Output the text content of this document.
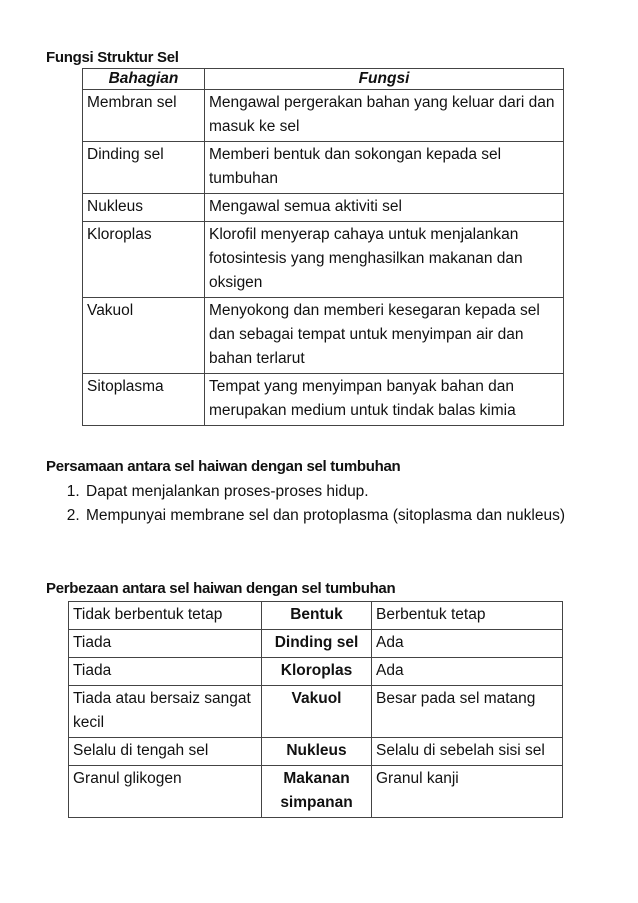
Fungsi Struktur Sel
Bahagian	Fungsi
Membran sel	Mengawal pergerakan bahan yang keluar dari dan masuk ke sel
Dinding sel	Memberi bentuk dan sokongan kepada sel tumbuhan
Nukleus	Mengawal semua aktiviti sel
Kloroplas	Klorofil menyerap cahaya untuk menjalankan fotosintesis yang menghasilkan makanan dan oksigen
Vakuol	Menyokong dan memberi kesegaran kepada sel dan sebagai tempat untuk menyimpan air dan bahan terlarut
Sitoplasma	Tempat yang menyimpan banyak bahan dan merupakan medium untuk tindak balas kimia
Persamaan antara sel haiwan dengan sel tumbuhan
1. Dapat menjalankan proses-proses hidup.
2. Mempunyai membrane sel dan protoplasma (sitoplasma dan nukleus)
Perbezaan antara sel haiwan dengan sel tumbuhan
Tidak berbentuk tetap	Bentuk	Berbentuk tetap
Tiada	Dinding sel	Ada
Tiada	Kloroplas	Ada
Tiada atau bersaiz sangat kecil	Vakuol	Besar pada sel matang
Selalu di tengah sel	Nukleus	Selalu di sebelah sisi sel
Granul glikogen	Makanan simpanan	Granul kanji
